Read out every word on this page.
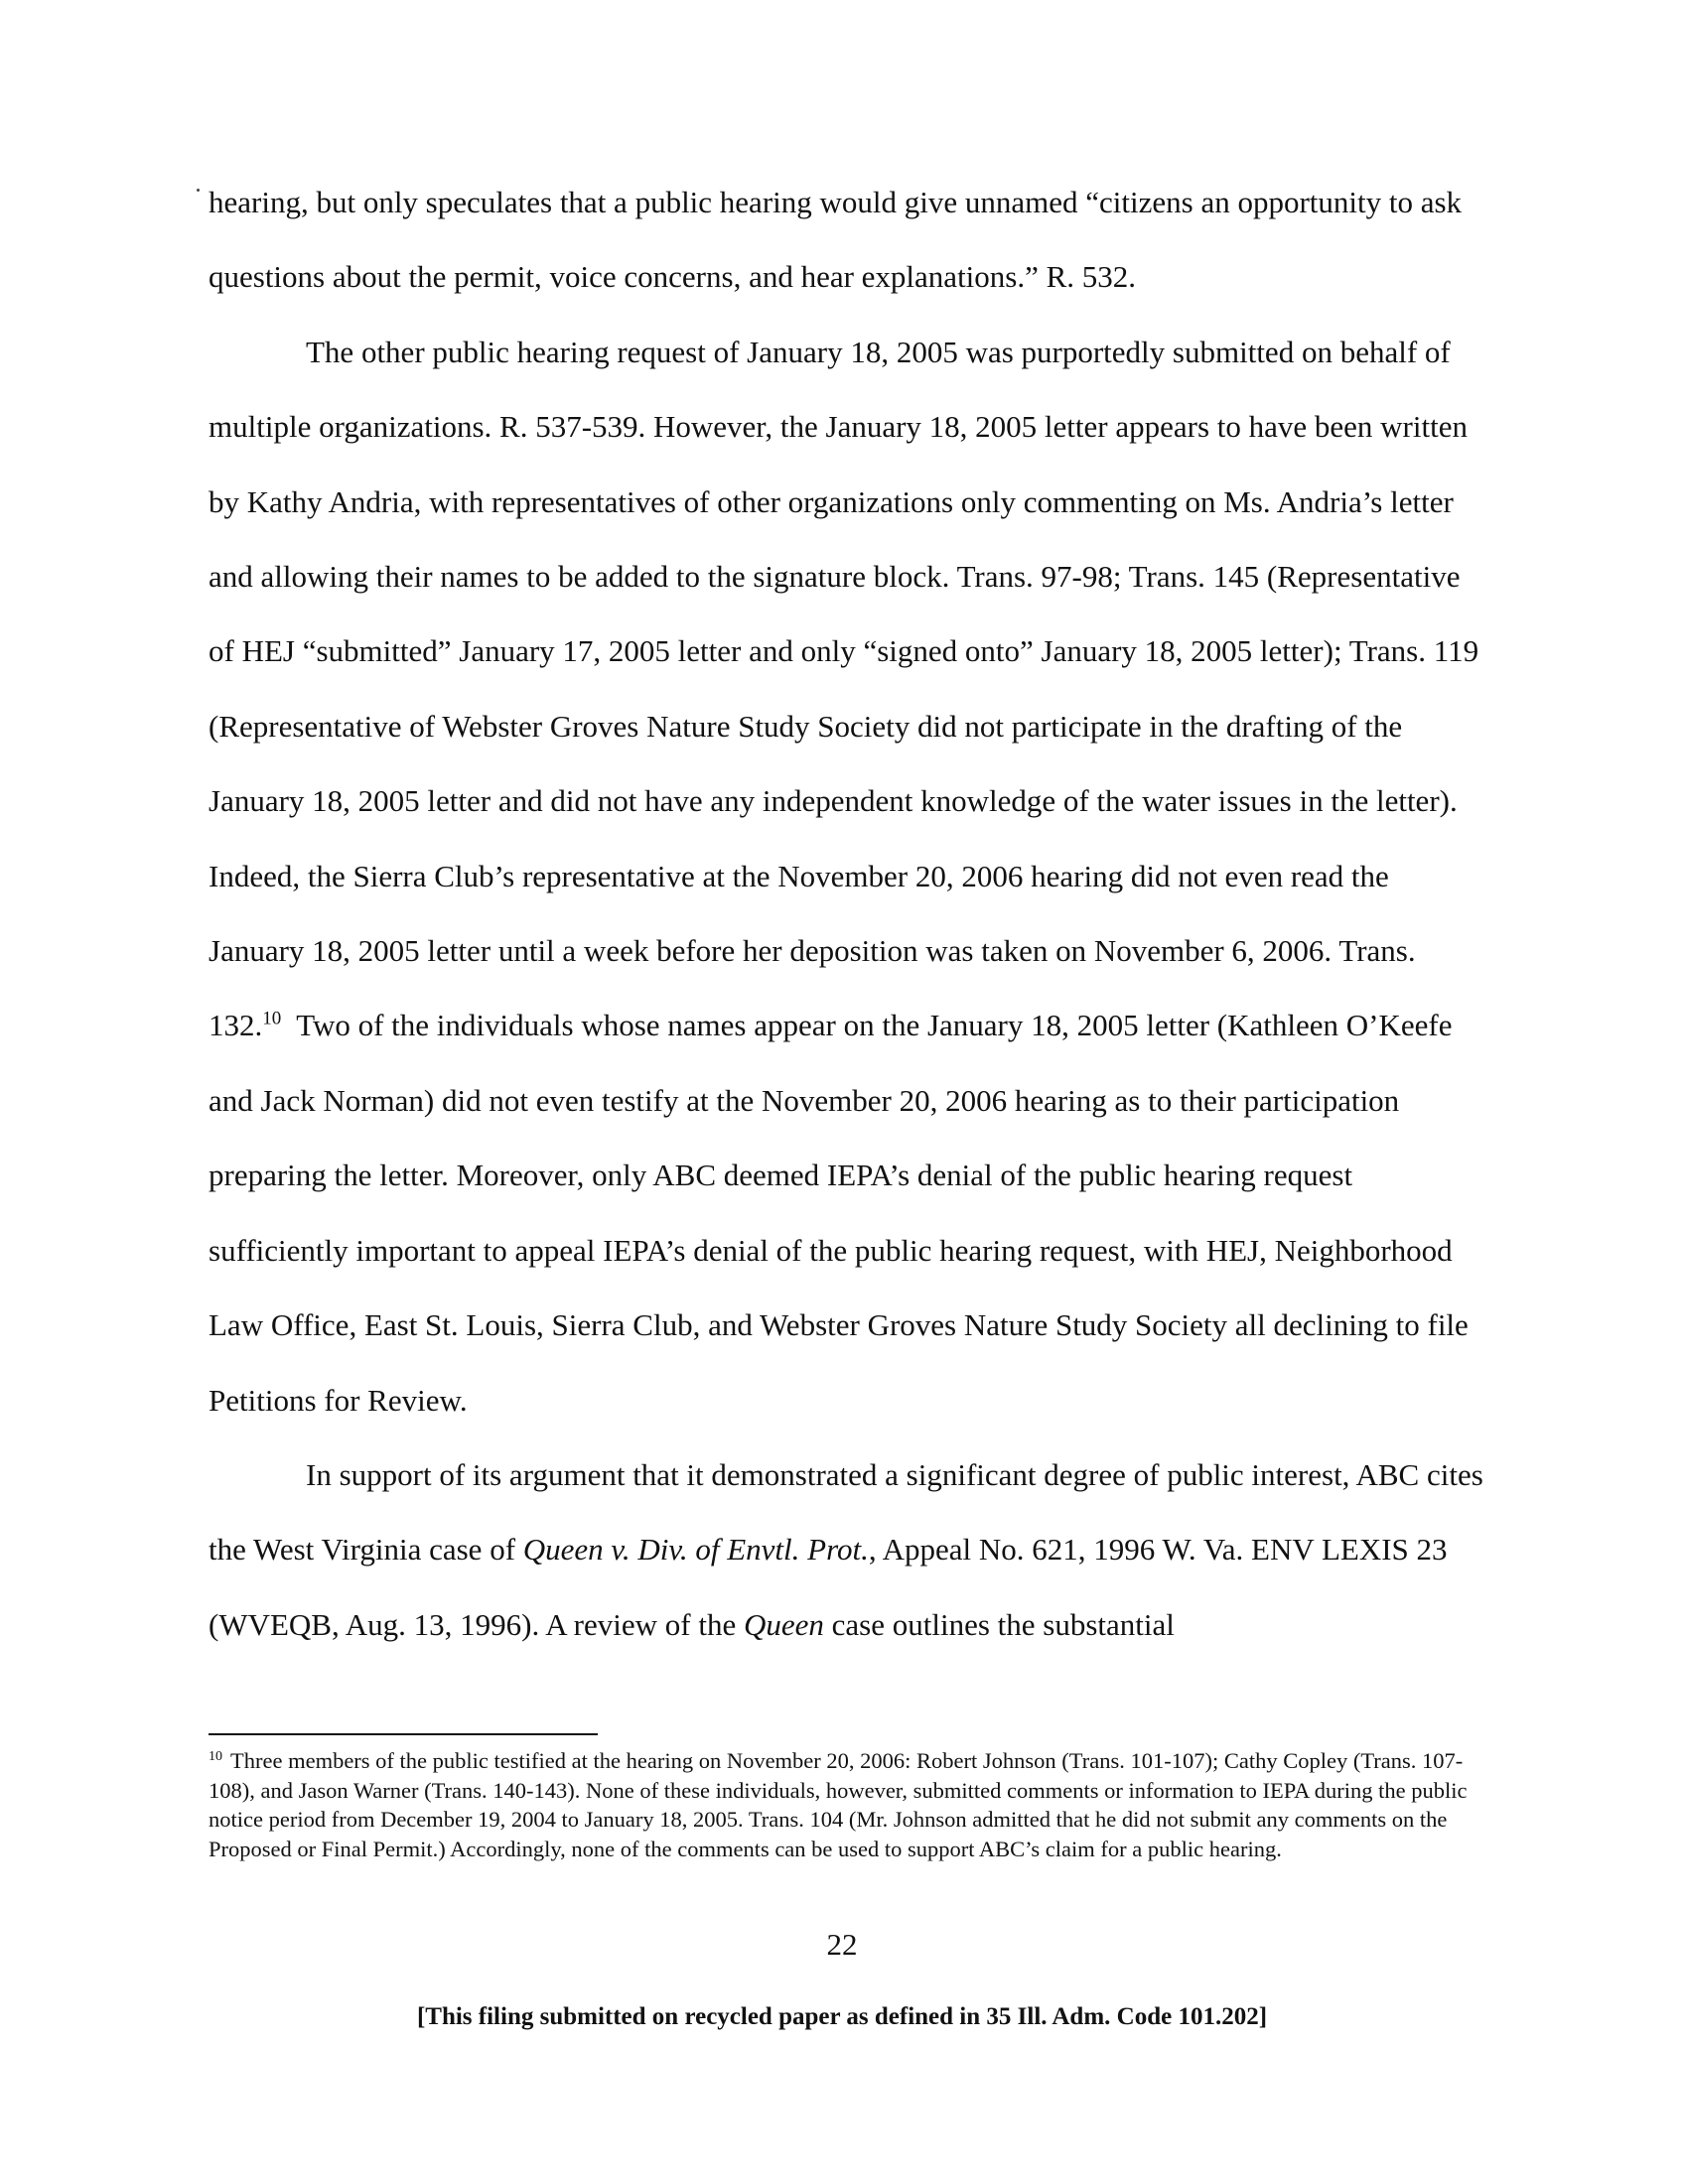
hearing, but only speculates that a public hearing would give unnamed “citizens an opportunity to ask questions about the permit, voice concerns, and hear explanations.” R. 532.

The other public hearing request of January 18, 2005 was purportedly submitted on behalf of multiple organizations. R. 537-539. However, the January 18, 2005 letter appears to have been written by Kathy Andria, with representatives of other organizations only commenting on Ms. Andria’s letter and allowing their names to be added to the signature block. Trans. 97-98; Trans. 145 (Representative of HEJ “submitted” January 17, 2005 letter and only “signed onto” January 18, 2005 letter); Trans. 119 (Representative of Webster Groves Nature Study Society did not participate in the drafting of the January 18, 2005 letter and did not have any independent knowledge of the water issues in the letter). Indeed, the Sierra Club’s representative at the November 20, 2006 hearing did not even read the January 18, 2005 letter until a week before her deposition was taken on November 6, 2006. Trans. 132.10 Two of the individuals whose names appear on the January 18, 2005 letter (Kathleen O’Keefe and Jack Norman) did not even testify at the November 20, 2006 hearing as to their participation preparing the letter. Moreover, only ABC deemed IEPA’s denial of the public hearing request sufficiently important to appeal IEPA’s denial of the public hearing request, with HEJ, Neighborhood Law Office, East St. Louis, Sierra Club, and Webster Groves Nature Study Society all declining to file Petitions for Review.

In support of its argument that it demonstrated a significant degree of public interest, ABC cites the West Virginia case of Queen v. Div. of Envtl. Prot., Appeal No. 621, 1996 W. Va. ENV LEXIS 23 (WVEQB, Aug. 13, 1996). A review of the Queen case outlines the substantial

$^{10}$ Three members of the public testified at the hearing on November 20, 2006: Robert Johnson (Trans. 101-107); Cathy Copley (Trans. 107-108), and Jason Warner (Trans. 140-143). None of these individuals, however, submitted comments or information to IEPA during the public notice period from December 19, 2004 to January 18, 2005. Trans. 104 (Mr. Johnson admitted that he did not submit any comments on the Proposed or Final Permit.) Accordingly, none of the comments can be used to support ABC’s claim for a public hearing.

22
[This filing submitted on recycled paper as defined in 35 Ill. Adm. Code 101.202]
